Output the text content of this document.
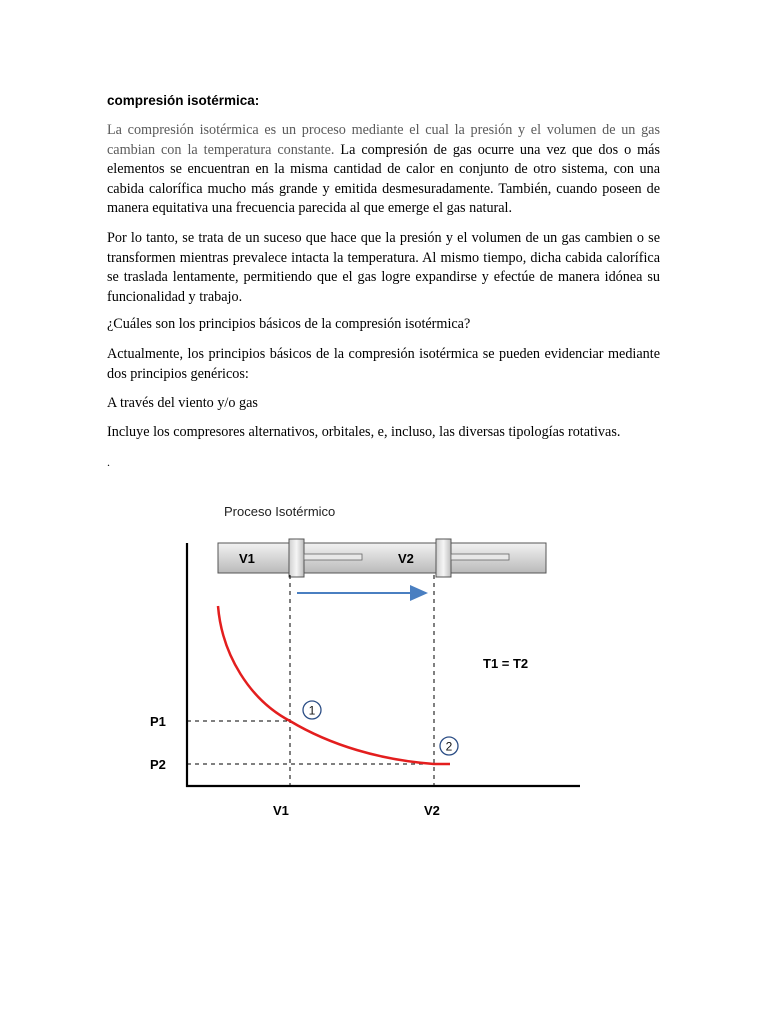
compresión isotérmica:

La compresión isotérmica es un proceso mediante el cual la presión y el volumen de un gas cambian con la temperatura constante. La compresión de gas ocurre una vez que dos o más elementos se encuentran en la misma cantidad de calor en conjunto de otro sistema, con una cabida calorífica mucho más grande y emitida desmesuradamente. También, cuando poseen de manera equitativa una frecuencia parecida al que emerge el gas natural.

Por lo tanto, se trata de un suceso que hace que la presión y el volumen de un gas cambien o se transformen mientras prevalece intacta la temperatura. Al mismo tiempo, dicha cabida calorífica se traslada lentamente, permitiendo que el gas logre expandirse y efectúe de manera idónea su funcionalidad y trabajo.

¿Cuáles son los principios básicos de la compresión isotérmica?

Actualmente, los principios básicos de la compresión isotérmica se pueden evidenciar mediante dos principios genéricos:

A través del viento y/o gas

Incluye los compresores alternativos, orbitales, e, incluso, las diversas tipologías rotativas.

.

Proceso Isotérmico
V1	V2
1
2
T1 = T2
P1
P2
V1	V2
